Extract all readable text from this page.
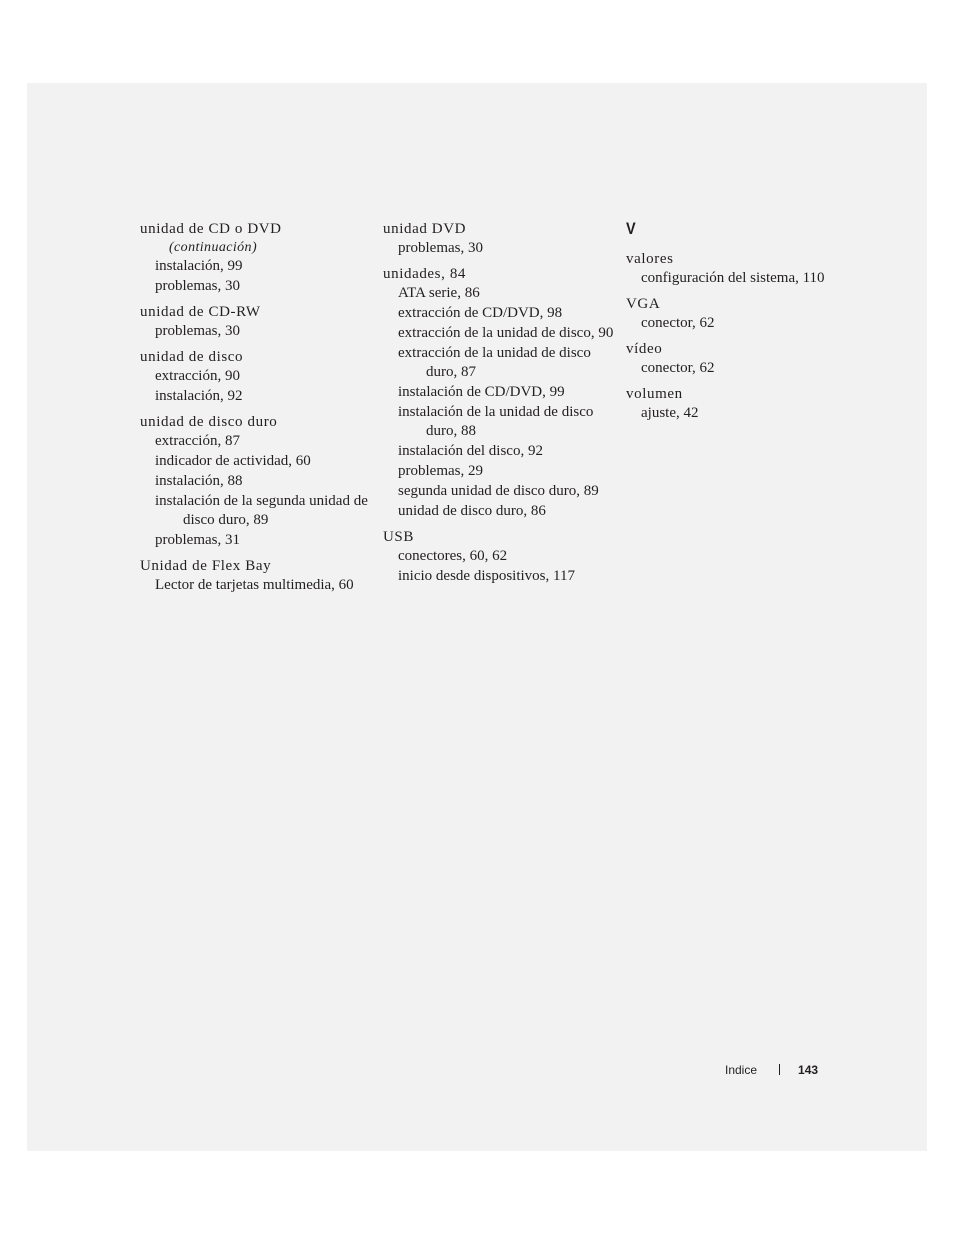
unidad de CD o DVD
(continuación)
instalación, 99
problemas, 30
unidad de CD-RW
problemas, 30
unidad de disco
extracción, 90
instalación, 92
unidad de disco duro
extracción, 87
indicador de actividad, 60
instalación, 88
instalación de la segunda unidad de disco duro, 89
problemas, 31
Unidad de Flex Bay
Lector de tarjetas multimedia, 60
unidad DVD
problemas, 30
unidades, 84
ATA serie, 86
extracción de CD/DVD, 98
extracción de la unidad de disco, 90
extracción de la unidad de disco duro, 87
instalación de CD/DVD, 99
instalación de la unidad de disco duro, 88
instalación del disco, 92
problemas, 29
segunda unidad de disco duro, 89
unidad de disco duro, 86
USB
conectores, 60, 62
inicio desde dispositivos, 117
V
valores
configuración del sistema, 110
VGA
conector, 62
vídeo
conector, 62
volumen
ajuste, 42
Indice	143
